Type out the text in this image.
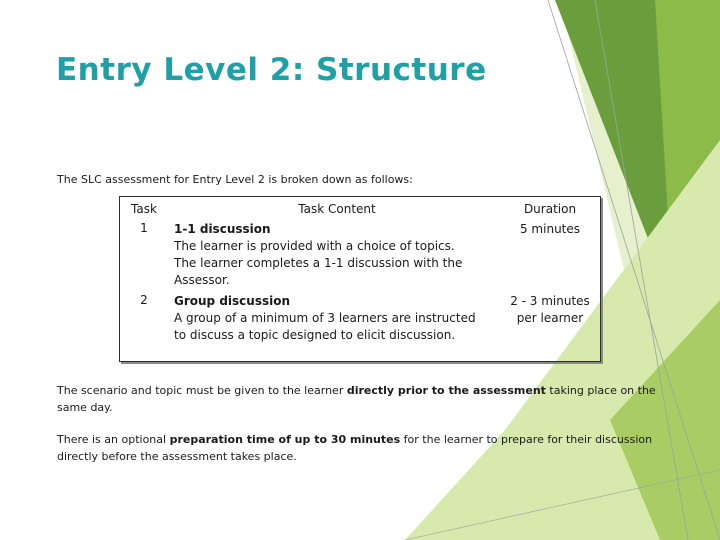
Entry Level 2: Structure
The SLC assessment for Entry Level 2 is broken down as follows:
Task	Task Content	Duration
1	1-1 discussion
The learner is provided with a choice of topics.
The learner completes a 1-1 discussion with the
Assessor.	5 minutes

2	Group discussion
A group of a minimum of 3 learners are instructed
to discuss a topic designed to elicit discussion.	2 - 3 minutes
per learner
The scenario and topic must be given to the learner directly prior to the assessment taking place on the same day.
There is an optional preparation time of up to 30 minutes for the learner to prepare for their discussion directly before the assessment takes place.
